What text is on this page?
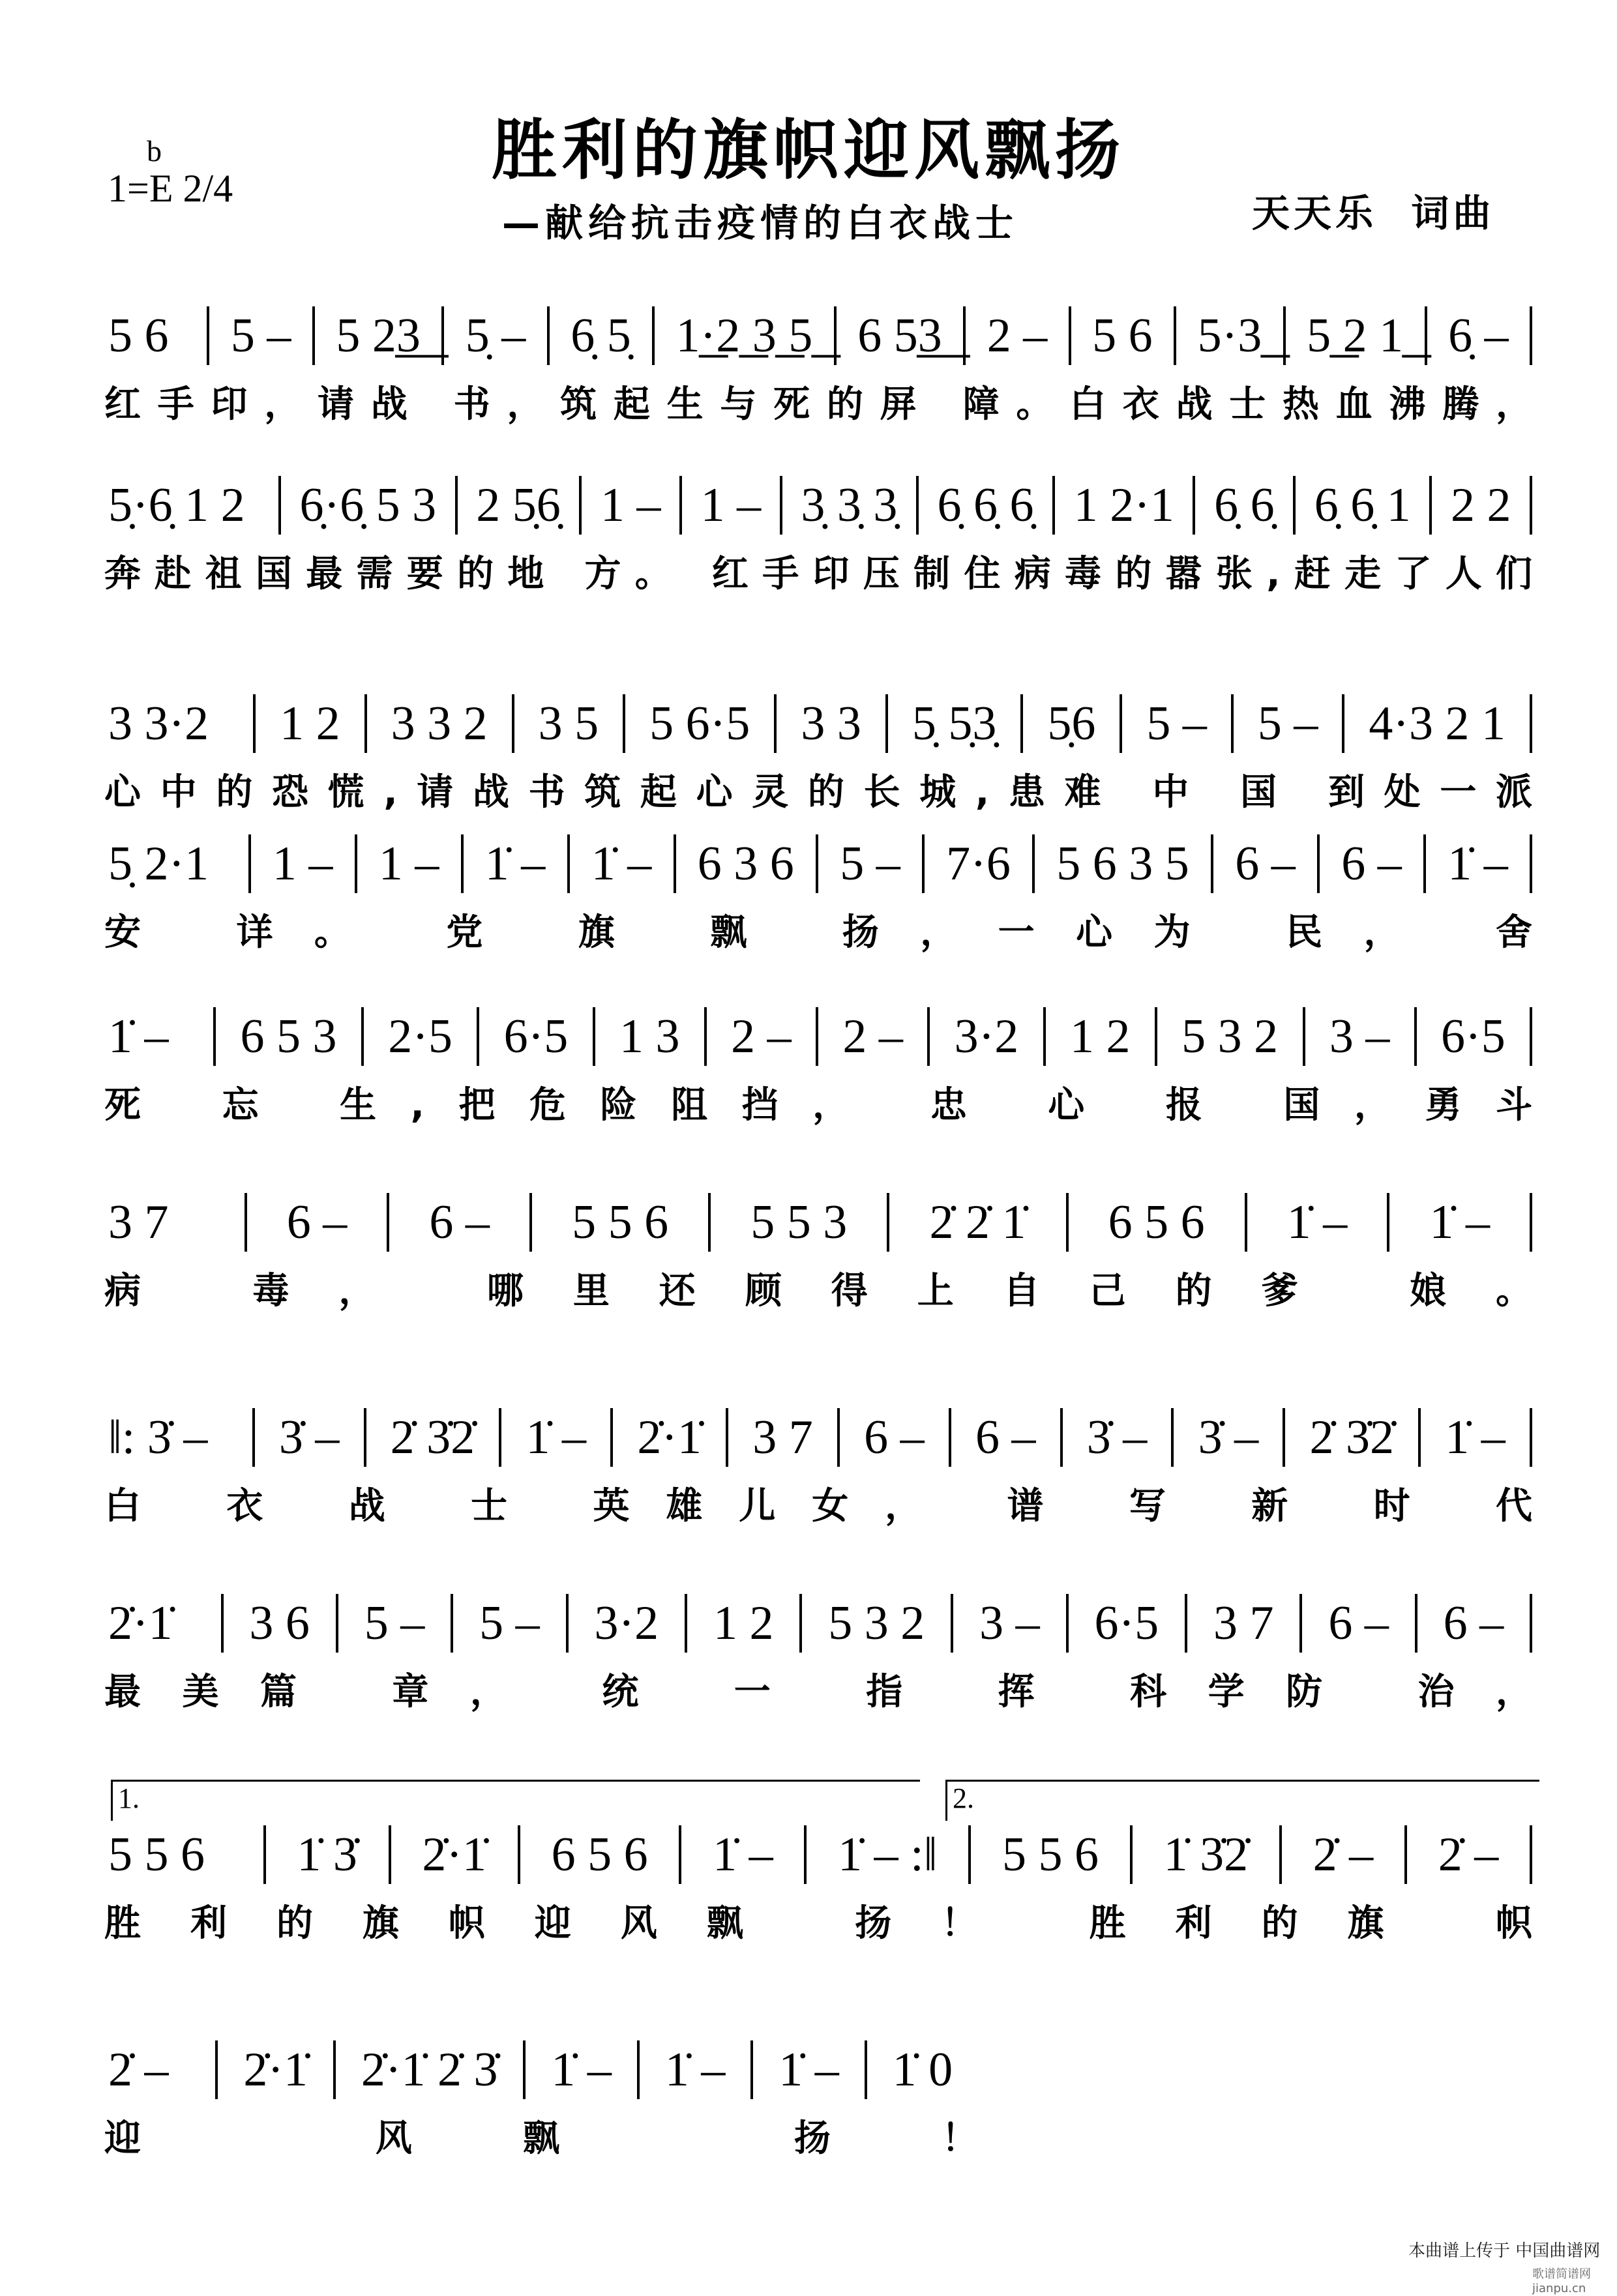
胜利的旗帜迎风飘扬
b
1=E 2/4
—献给抗击疫情的白衣战士	天天乐  词曲
5 6	5 – 5 2͟3͟ 5̣ – 6̣ 5̣ 1͟·2͟ 3͟ 5͟ 6 5͟3͟ 2 – 5 6 5·3͟ 5͟ 2 1͟ 6̣ –
红手印，请战 书，筑起生与死的屏 障。白衣战士热血沸腾，
5̣·6̣ 1 2	6̣·6̣ 5 3 2 5̣6̣ 1 – 1 – 3̣ 3̣ 3̣ 6̣ 6̣ 6̣ 1 2·1 6̣ 6̣ 6̣ 6̣ 1 2 2
奔赴祖国最需要的地 方。 红手印压制住病毒的嚣张,赶走了人们
3 3·2	1 2	3 3 2	3 5	5 6·5	3 3	5̣ 5̣3̣	5̣6	5 –	5 –	4·3 2 1
心中的恐慌,请战书筑起心灵的长城,患难 中 国 到处一派
5̣ 2·1	1 – 1 – 1̇ – 1̇ – 6 3 6 5 – 7·6 5 6 3 5 6 – 6 – 1̇ –
安 详。 党 旗 飘 扬，一心为 民， 舍
1̇ –	6 5 3	2·5	6·5	1 3	2 –	2 –	3·2	1 2	5 3 2	3 –	6·5
死 忘 生,把危险阻挡， 忠 心 报 国，勇斗
3 7	6 –	6 –	5 5 6	5 5 3	2̇ 2̇ 1̇	6 5 6	1̇ –	1̇ –
病 毒， 哪里还顾得上自己的爹 娘。
‖: 3̇ –	3̇ –	2̇ 3̇2̇	1̇ –	2̇·1̇	3 7	6 –	6 –	3̇ –	3̇ –	2̇ 3̇2̇	1̇ –
白 衣 战 士 英雄儿女， 谱 写 新 时 代
2̇·1̇	3 6	5 –	5 –	3·2	1 2	5 3 2	3 –	6·5	3 7	6 –	6 –
最美篇 章， 统 一 指 挥 科学防 治，
5 5 6	1̇ 3̇	2̇·1̇	6 5 6	1̇ –	1̇ – :‖	5 5 6	1̇ 3̇2̇	2̇ –	2̇ –
胜利的旗帜迎风飘 扬！ 胜利的旗 帜
1.	2.
2̇ –	2̇·1̇	2̇·1̇ 2̇ 3̇	1̇ –	1̇ –	1̇ –	1̇ 0
迎 风飘 扬！
本曲谱上传于 中国曲谱网
歌谱简谱网 jianpu.cn
